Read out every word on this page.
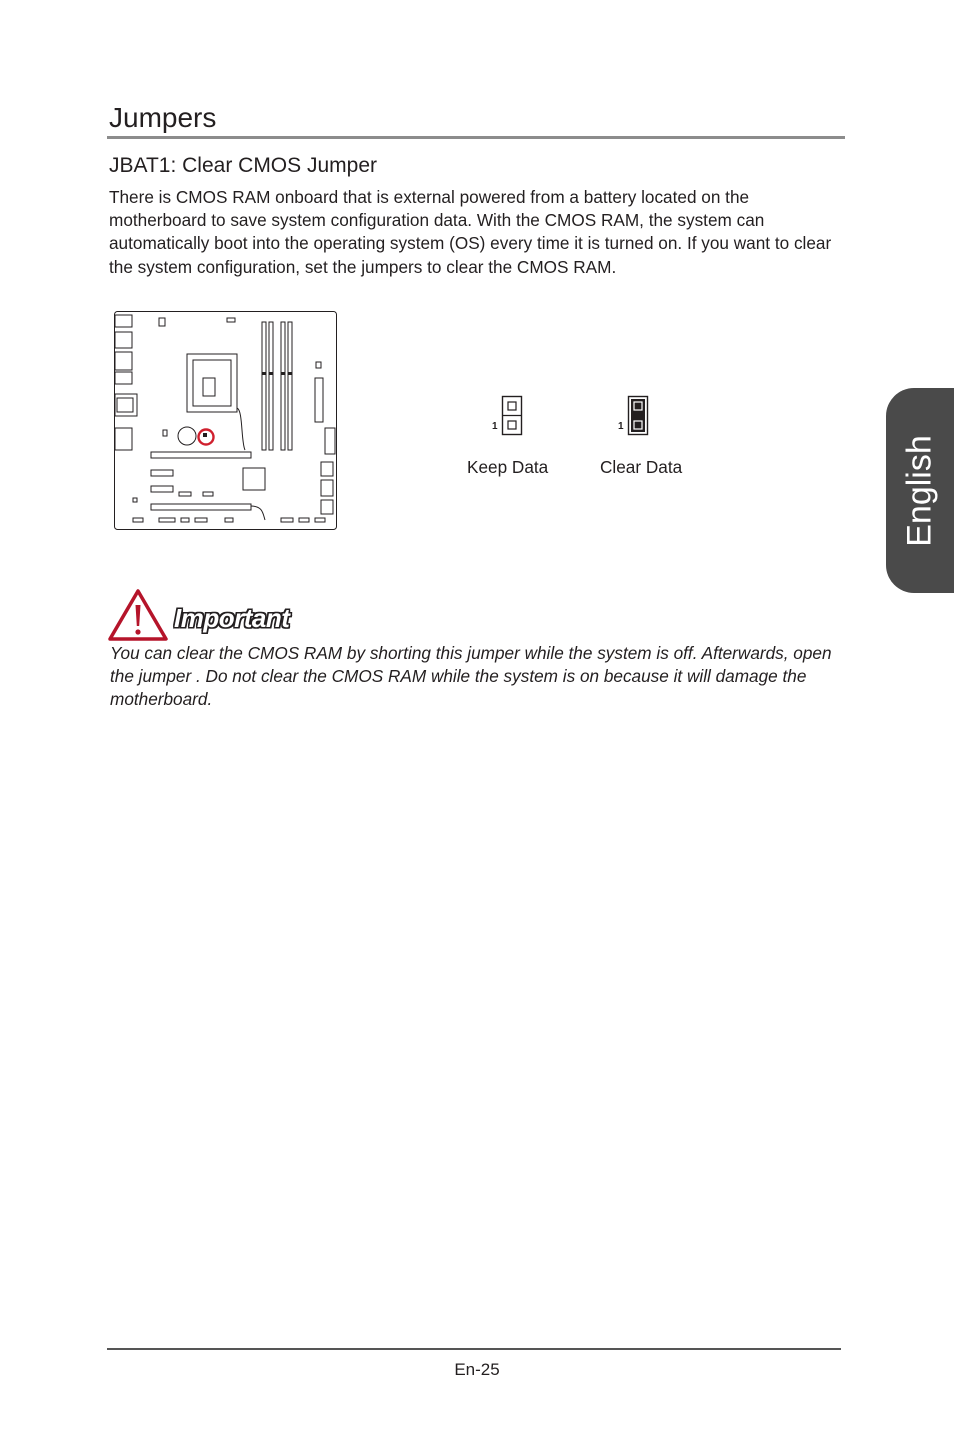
Jumpers
JBAT1: Clear CMOS Jumper

There is CMOS RAM onboard that is external powered from a battery located on the motherboard to save system configuration data. With the CMOS RAM, the system can automatically boot into the operating system (OS) every time it is turned on. If you want to clear the system configuration, set the jumpers to clear the CMOS RAM.

English
1
Keep Data
1
Clear Data
Important

You can clear the CMOS RAM by shorting this jumper while the system is off. Afterwards, open the jumper . Do not clear the CMOS RAM while the system is on because it will damage the motherboard.

En-25
